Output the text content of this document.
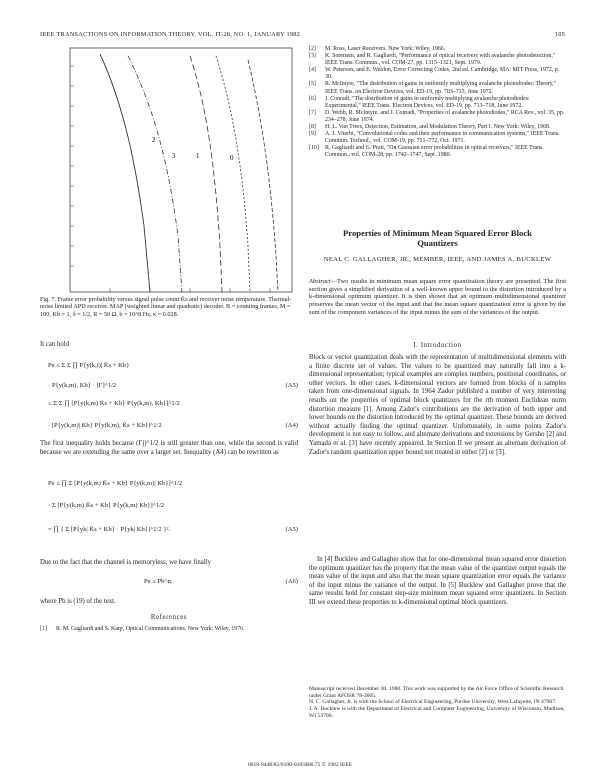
IEEE TRANSACTIONS ON INFORMATION THEORY, VOL. IT-28, NO. 1, JANUARY 1982	105
2
3	1	0
Fig. 7. Frame error probability versus signal pulse count K̄s and receiver noise temperature. Thermal-noise limited APD receiver. MAP (weighted linear and quadratic) decoder. B = counting frames, M = 100, Kb = 1, δ = 1/2, R = 50 Ω, b = 10^8 Hz, κ = 0.028.
It can hold
Pe ≤ Σ Σ ∏ P{y(k,t)| K̄s + Kb}
· P{y(k,m), Kb} · [Γ]^1/2	(A5)
≤ Σ Σ ∏ [P{y(k,m) K̄s + Kb} P{y(k,m), Kb}]^1/2
· [P{y(k,m)| Kb} P{y(k,m), K̄s + Kb}]^1/2	(A4)
The first inequality holds because (Γj)^1/2 is still greater than one, while the second is valid because we are extending the same over a larger set. Inequality (A4) can be rewritten as
Pe ≤ ∏ Σ [P{y(k,m) K̄s + Kb} P{y(k,m)| Kb}]^1/2
· Σ [P{y(k,m) K̄s + Kb} P{y(k,m) Kb}]^1/2
= ∏ { Σ [P{yk| K̄s + Kb} · P{yk| Kb}]^1/2 }².	(A5)
Due to the fact that the channel is memoryless, we have finally
Pe ≤ Pb^n.	(A6)
where Pb is (19) of the text.
References
[1] R. M. Gagliardi and S. Karp, Optical Communications. New York: Wiley, 1976.
[2] M. Ross, Laser Receivers. New York: Wiley, 1966.
[3] K. Sorensen, and R. Gagliardi, "Performance of optical receivers with avalanche photodetection," IEEE Trans. Commun., vol. COM-27, pp. 1315–1321, Sept. 1979.
[4] W. Peterson, and E. Weldon, Error Correcting Codes, 2nd ed. Cambridge, MA: MIT Press, 1972, p. 30.
[5] R. McIntyre, "The distribution of gains in uniformly multiplying avalanche photodiodes: Theory," IEEE Trans. on Electron Devices, vol. ED-19, pp. 703–713, June 1972.
[6] J. Conradi, "The distribution of gains in uniformly multiplying avalanche photodiodes: Experimental," IEEE Trans. Electron Devices, vol. ED-19, pp. 713–718, June 1972.
[7] D. Webb, R. McIntyre, and J. Conradi, "Properties of avalanche photodiodes," RCA Rev., vol. 35, pp. 234–278, June 1974.
[8] H. L. Van Trees, Detection, Estimation, and Modulation Theory, Part I. New York: Wiley, 1968.
[9] A. J. Viterbi, "Convolutional codes and their performance in communication systems," IEEE Trans. Commun. Technol., vol. COM-19, pp. 751–772, Oct. 1971.
[10] R. Gagliardi and G. Prati, "On Gaussian error probabilities in optical receivers," IEEE Trans. Commun., vol. COM-28, pp. 1742–1747, Sept. 1980.
Properties of Minimum Mean Squared Error Block Quantizers
NEAL C. GALLAGHER, JR., MEMBER, IEEE, AND JAMES A. BUCKLEW
Abstract—Two results in minimum mean square error quantization theory are presented. The first section gives a simplified derivation of a well-known upper bound to the distortion introduced by a k-dimensional optimum quantizer. It is then shown that an optimum multidimensional quantizer preserves the mean vector of the input and that the mean square quantization error is given by the sum of the component variances of the input minus the sum of the variances of the output.
I. Introduction
Block or vector quantization deals with the representation of multidimensional elements with a finite discrete set of values. The values to be quantized may naturally fall into a k-dimensional representation; typical examples are complex numbers, positional coordinates, or other vectors. In other cases, k-dimensional vectors are formed from blocks of n samples taken from one-dimensional signals. In 1964 Zador published a number of very interesting results on the properties of optimal block quantizers for the rth moment Euclidean norm distortion measure [1]. Among Zador's contributions are the derivation of both upper and lower bounds on the distortion introduced by the optimal quantizer. These bounds are derived without actually finding the optimal quantizer. Unfortunately, in some points Zador's development is not easy to follow, and alternate derivations and extensions by Gersho [2] and Yamada et al. [3] have recently appeared. In Section II we present an alternate derivation of Zador's random quantization upper bound not treated in either [2] or [3].
In [4] Bucklew and Gallagher show that for one-dimensional mean squared error distortion the optimum quantizer has the property that the mean value of the quantizer output equals the mean value of the input and also that the mean square quantization error equals the variance of the input minus the variance of the output. In [5] Bucklew and Gallagher prove that the same results hold for constant step-size minimum mean squared error quantizers. In Section III we extend these properties to k-dimensional optimal block quantizers.
Manuscript received December 30, 1980. This work was supported by the Air Force Office of Scientific Research under Grant AFOSR 78-3605.
N. C. Gallagher, Jr. is with the School of Electrical Engineering, Purdue University, West Lafayette, IN 47907.
J. A. Bucklew is with the Department of Electrical and Computer Engineering, University of Wisconsin, Madison, WI 53706.
0018-9448/82/0100-0105$00.75 © 1982 IEEE
